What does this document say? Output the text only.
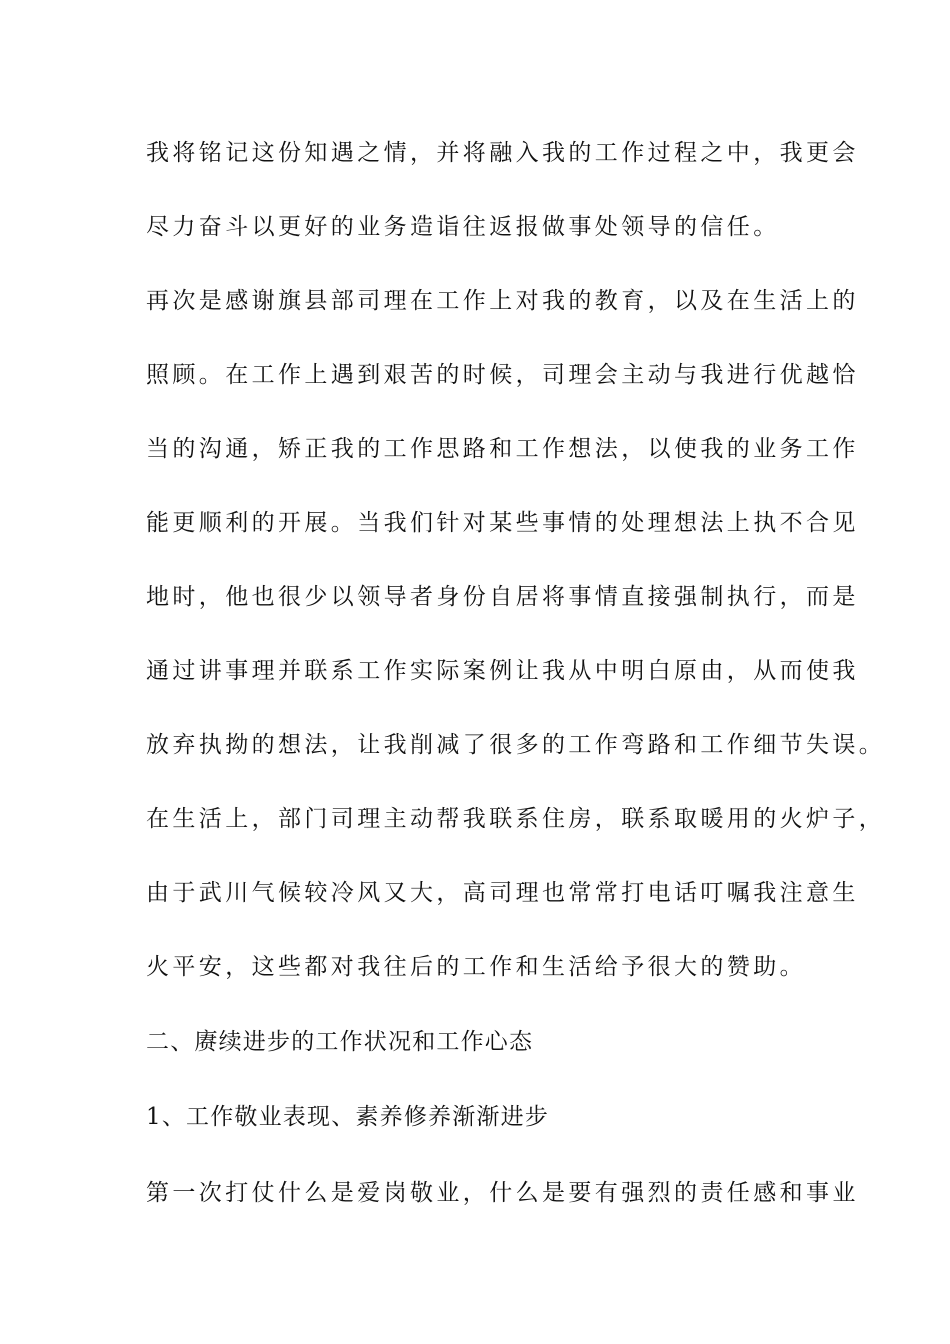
我将铭记这份知遇之情，并将融入我的工作过程之中，我更会
尽力奋斗以更好的业务造诣往返报做事处领导的信任。
再次是感谢旗县部司理在工作上对我的教育，以及在生活上的
照顾。在工作上遇到艰苦的时候，司理会主动与我进行优越恰
当的沟通，矫正我的工作思路和工作想法，以使我的业务工作
能更顺利的开展。当我们针对某些事情的处理想法上执不合见
地时，他也很少以领导者身份自居将事情直接强制执行，而是
通过讲事理并联系工作实际案例让我从中明白原由，从而使我
放弃执拗的想法，让我削减了很多的工作弯路和工作细节失误。
在生活上，部门司理主动帮我联系住房，联系取暖用的火炉子，
由于武川气候较冷风又大，高司理也常常打电话叮嘱我注意生
火平安，这些都对我往后的工作和生活给予很大的赞助。
二、赓续进步的工作状况和工作心态
1、工作敬业表现、素养修养渐渐进步
第一次打仗什么是爱岗敬业，什么是要有强烈的责任感和事业
